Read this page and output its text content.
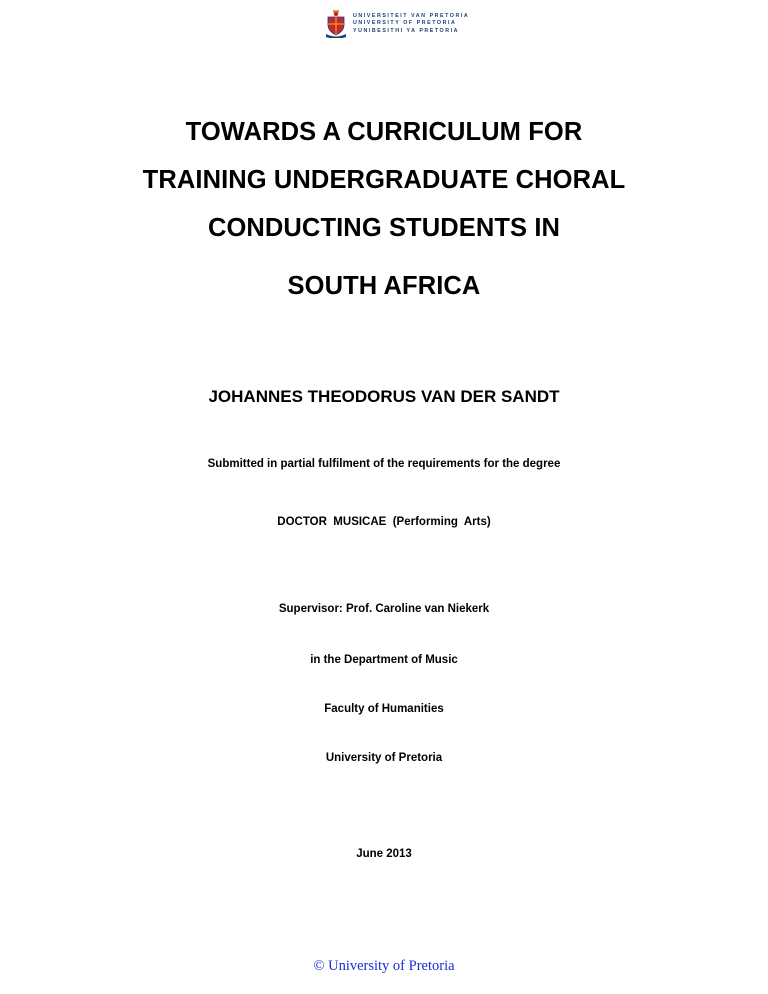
UNIVERSITEIT VAN PRETORIA
UNIVERSITY OF PRETORIA
YUNIBESITHI YA PRETORIA
TOWARDS A CURRICULUM FOR
TRAINING UNDERGRADUATE CHORAL
CONDUCTING STUDENTS IN
SOUTH AFRICA
JOHANNES THEODORUS VAN DER SANDT
Submitted in partial fulfilment of the requirements for the degree
DOCTOR  MUSICAE  (Performing  Arts)
Supervisor: Prof. Caroline van Niekerk
in the Department of Music
Faculty of Humanities
University of Pretoria
June 2013
© University of Pretoria
